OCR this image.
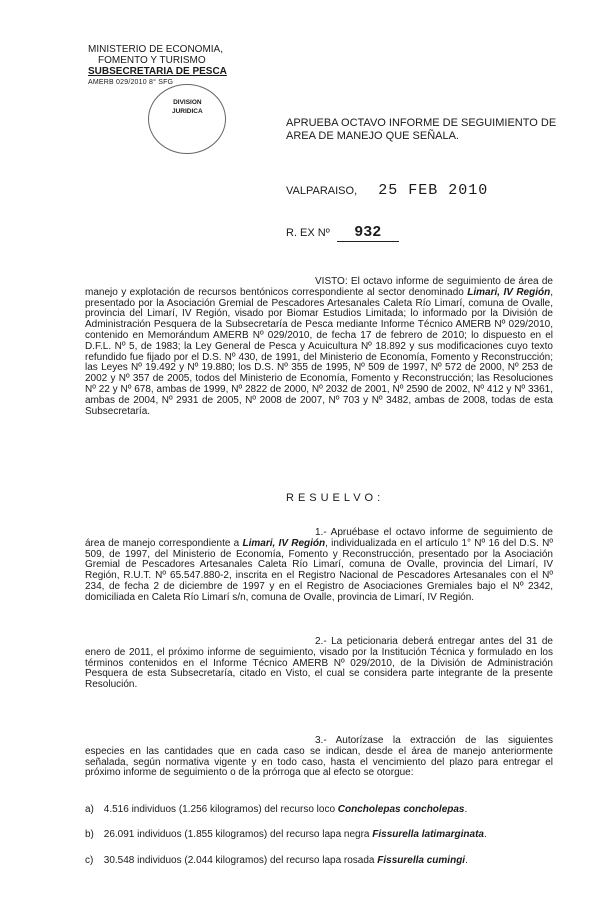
MINISTERIO DE ECONOMIA,
FOMENTO Y TURISMO
SUBSECRETARIA DE PESCA
AMERB 029/2010 8° SFG
DIVISION
JURIDICA
APRUEBA OCTAVO INFORME DE SEGUIMIENTO DE AREA DE MANEJO QUE SEÑALA.
VALPARAISO, 25 FEB 2010
R. EX Nº 932
VISTO: El octavo informe de seguimiento de área de manejo y explotación de recursos bentónicos correspondiente al sector denominado Limari, IV Región, presentado por la Asociación Gremial de Pescadores Artesanales Caleta Río Limarí, comuna de Ovalle, provincia del Limarí, IV Región, visado por Biomar Estudios Limitada; lo informado por la División de Administración Pesquera de la Subsecretaría de Pesca mediante Informe Técnico AMERB Nº 029/2010, contenido en Memorándum AMERB Nº 029/2010, de fecha 17 de febrero de 2010; lo dispuesto en el D.F.L. Nº 5, de 1983; la Ley General de Pesca y Acuicultura Nº 18.892 y sus modificaciones cuyo texto refundido fue fijado por el D.S. Nº 430, de 1991, del Ministerio de Economía, Fomento y Reconstrucción; las Leyes Nº 19.492 y Nº 19.880; los D.S. Nº 355 de 1995, Nº 509 de 1997, Nº 572 de 2000, Nº 253 de 2002 y Nº 357 de 2005, todos del Ministerio de Economía, Fomento y Reconstrucción; las Resoluciones Nº 22 y Nº 678, ambas de 1999, Nº 2822 de 2000, Nº 2032 de 2001, Nº 2590 de 2002, Nº 412 y Nº 3361, ambas de 2004, Nº 2931 de 2005, Nº 2008 de 2007, Nº 703 y Nº 3482, ambas de 2008, todas de esta Subsecretaría.
RESUELVO:
1.- Apruébase el octavo informe de seguimiento de área de manejo correspondiente a Limari, IV Región, individualizada en el artículo 1° Nº 16 del D.S. Nº 509, de 1997, del Ministerio de Economía, Fomento y Reconstrucción, presentado por la Asociación Gremial de Pescadores Artesanales Caleta Río Limarí, comuna de Ovalle, provincia del Limarí, IV Región, R.U.T. Nº 65.547.880-2, inscrita en el Registro Nacional de Pescadores Artesanales con el Nº 234, de fecha 2 de diciembre de 1997 y en el Registro de Asociaciones Gremiales bajo el Nº 2342, domiciliada en Caleta Río Limarí s/n, comuna de Ovalle, provincia de Limarí, IV Región.
2.- La peticionaria deberá entregar antes del 31 de enero de 2011, el próximo informe de seguimiento, visado por la Institución Técnica y formulado en los términos contenidos en el Informe Técnico AMERB Nº 029/2010, de la División de Administración Pesquera de esta Subsecretaría, citado en Visto, el cual se considera parte integrante de la presente Resolución.
3.- Autorízase la extracción de las siguientes especies en las cantidades que en cada caso se indican, desde el área de manejo anteriormente señalada, según normativa vigente y en todo caso, hasta el vencimiento del plazo para entregar el próximo informe de seguimiento o de la prórroga que al efecto se otorgue:
a) 4.516 individuos (1.256 kilogramos) del recurso loco Concholepas concholepas.
b) 26.091 individuos (1.855 kilogramos) del recurso lapa negra Fissurella latimarginata.
c) 30.548 individuos (2.044 kilogramos) del recurso lapa rosada Fissurella cumingi.
